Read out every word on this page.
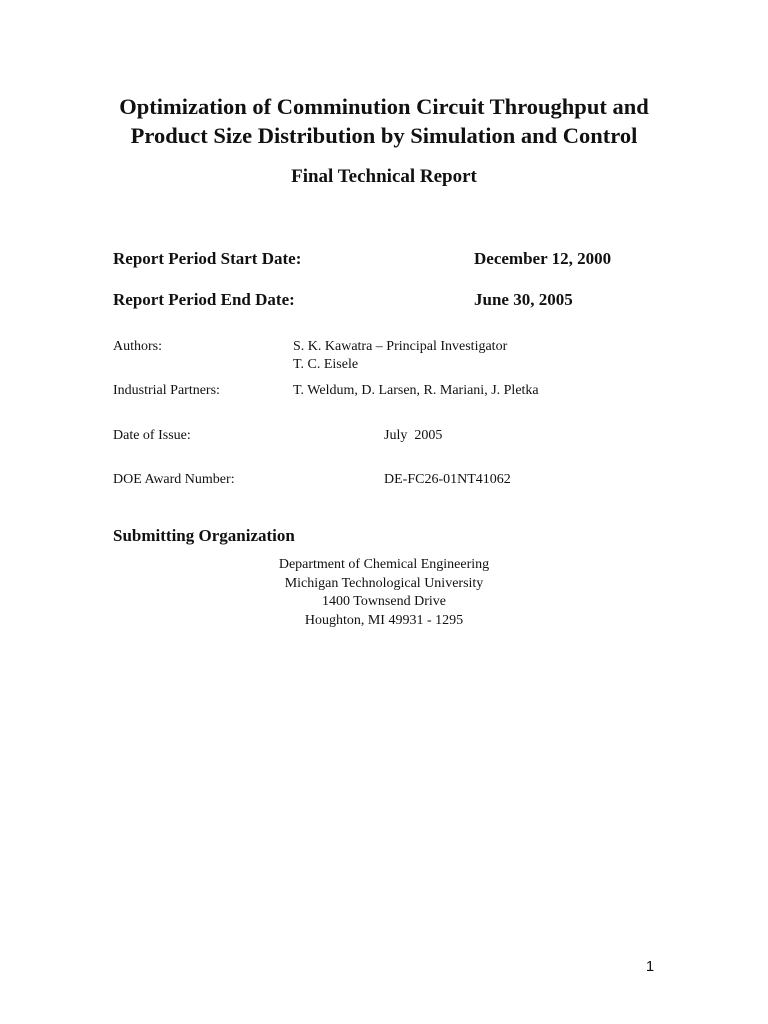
Optimization of Comminution Circuit Throughput and
Product Size Distribution by Simulation and Control
Final Technical Report
Report Period Start Date:	December 12, 2000
Report Period End Date:	June 30, 2005
Authors:	S. K. Kawatra – Principal Investigator
T. C. Eisele
Industrial Partners:	T. Weldum, D. Larsen, R. Mariani, J. Pletka
Date of Issue:	July  2005
DOE Award Number:	DE-FC26-01NT41062
Submitting Organization
Department of Chemical Engineering
Michigan Technological University
1400 Townsend Drive
Houghton, MI 49931 - 1295
1
